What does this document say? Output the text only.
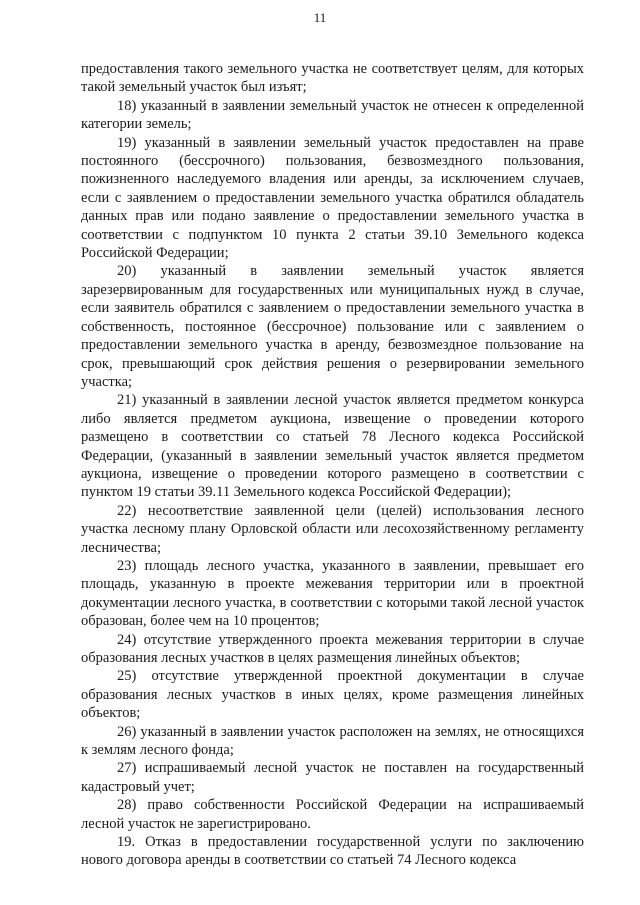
11

предоставления такого земельного участка не соответствует целям, для которых такой земельный участок был изъят;

18) указанный в заявлении земельный участок не отнесен к определенной категории земель;

19) указанный в заявлении земельный участок предоставлен на праве постоянного (бессрочного) пользования, безвозмездного пользования, пожизненного наследуемого владения или аренды, за исключением случаев, если с заявлением о предоставлении земельного участка обратился обладатель данных прав или подано заявление о предоставлении земельного участка в соответствии с подпунктом 10 пункта 2 статьи 39.10 Земельного кодекса Российской Федерации;

20) указанный в заявлении земельный участок является зарезервированным для государственных или муниципальных нужд в случае, если заявитель обратился с заявлением о предоставлении земельного участка в собственность, постоянное (бессрочное) пользование или с заявлением о предоставлении земельного участка в аренду, безвозмездное пользование на срок, превышающий срок действия решения о резервировании земельного участка;

21) указанный в заявлении лесной участок является предметом конкурса либо является предметом аукциона, извещение о проведении которого размещено в соответствии со статьей 78 Лесного кодекса Российской Федерации, (указанный в заявлении земельный участок является предметом аукциона, извещение о проведении которого размещено в соответствии с пунктом 19 статьи 39.11 Земельного кодекса Российской Федерации);

22) несоответствие заявленной цели (целей) использования лесного участка лесному плану Орловской области или лесохозяйственному регламенту лесничества;

23) площадь лесного участка, указанного в заявлении, превышает его площадь, указанную в проекте межевания территории или в проектной документации лесного участка, в соответствии с которыми такой лесной участок образован, более чем на 10 процентов;

24) отсутствие утвержденного проекта межевания территории в случае образования лесных участков в целях размещения линейных объектов;

25) отсутствие утвержденной проектной документации в случае образования лесных участков в иных целях, кроме размещения линейных объектов;

26) указанный в заявлении участок расположен на землях, не относящихся к землям лесного фонда;

27) испрашиваемый лесной участок не поставлен на государственный кадастровый учет;

28) право собственности Российской Федерации на испрашиваемый лесной участок не зарегистрировано.

19. Отказ в предоставлении государственной услуги по заключению нового договора аренды в соответствии со статьей 74 Лесного кодекса
